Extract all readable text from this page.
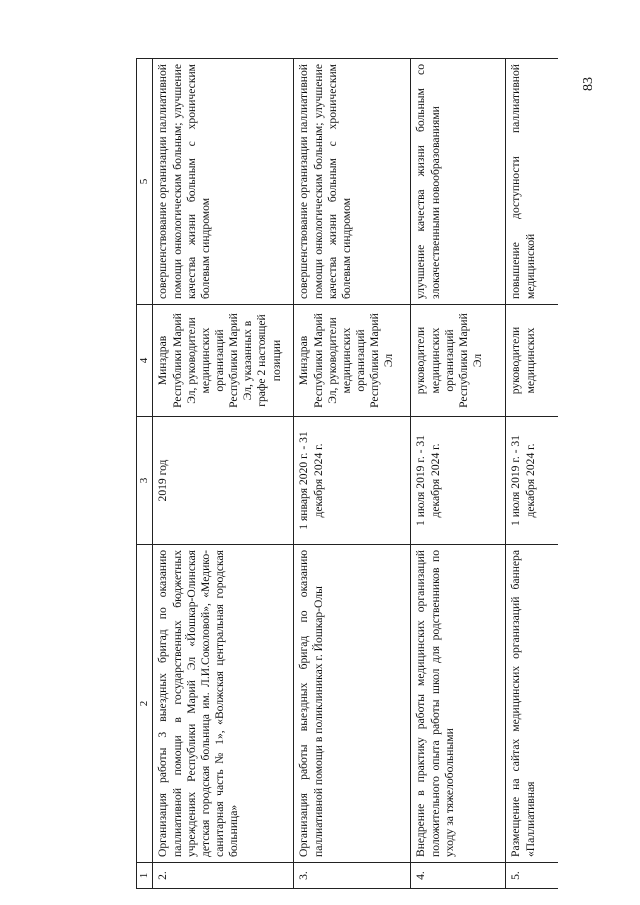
83
1	2	3	4	5
2.	Организация работы 3 выездных бригад по оказанию паллиативной помощи в государственных бюджетных учреждениях Республики Марий Эл «Йошкар-Олинская детская городская больница им. Л.И.Соколовой», «Медико-санитарная часть № 1», «Волжская центральная городская больница»	2019 год	Минздрав Республики Марий Эл, руководители медицинских организаций Республики Марий Эл, указанных в графе 2 настоящей позиции	совершенствование организации паллиативной помощи онкологическим больным; улучшение качества жизни больным с хроническим болевым синдромом
3.	Организация работы выездных бригад по оказанию паллиативной помощи в поликлиниках г. Йошкар-Олы	1 января 2020 г. - 31 декабря 2024 г.	Минздрав Республики Марий Эл, руководители медицинских организаций Республики Марий Эл	совершенствование организации паллиативной помощи онкологическим больным; улучшение качества жизни больным с хроническим болевым синдромом
4.	Внедрение в практику работы медицинских организаций положительного опыта работы школ для родственников по уходу за тяжелобольными	1 июля 2019 г. - 31 декабря 2024 г.	руководители медицинских организаций Республики Марий Эл	улучшение качества жизни больным со злокачественными новообразованиями
5.	Размещение на сайтах медицинских организаций баннера «Паллиативная	1 июля 2019 г. - 31 декабря 2024 г.	руководители медицинских	повышение доступности паллиативной медицинской
